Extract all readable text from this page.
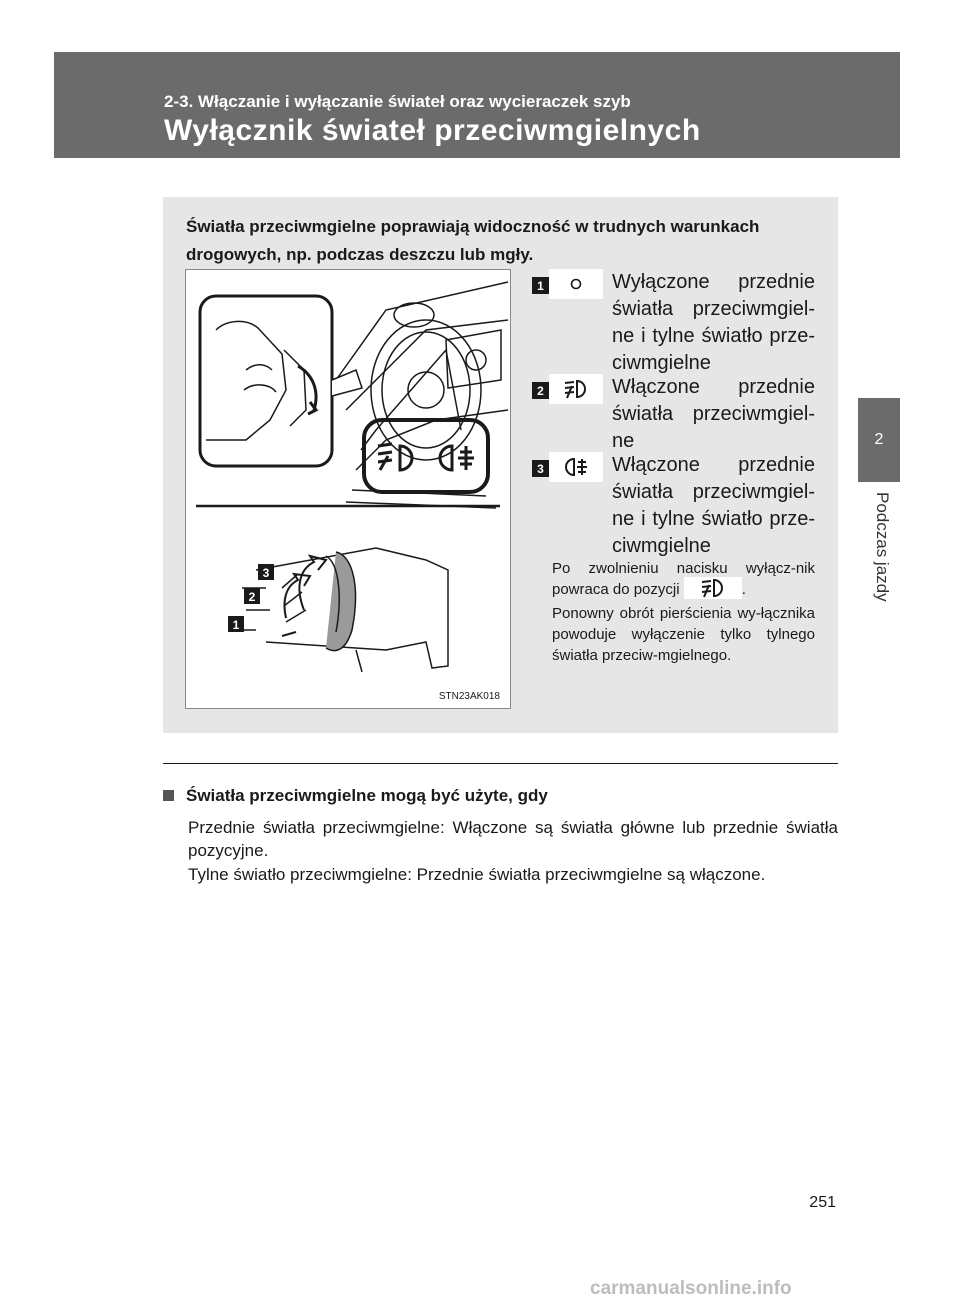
2-3. Włączanie i wyłączanie świateł oraz wycieraczek szyb
Wyłącznik świateł przeciwmgielnych
2
Podczas jazdy
Światła przeciwmgielne poprawiają widoczność w trudnych warunkach drogowych, np. podczas deszczu lub mgły.
3
2
1
STN23AK018
1	Wyłączone przednie światła przeciwmgiel-ne i tylne światło prze-ciwmgielne
2	Włączone przednie światła przeciwmgiel-ne
3	Włączone przednie światła przeciwmgiel-ne i tylne światło prze-ciwmgielne
Po zwolnieniu nacisku wyłącz-nik powraca do pozycji	.
Ponowny obrót pierścienia wy-łącznika powoduje wyłączenie tylko tylnego światła przeciw-mgielnego.
Światła przeciwmgielne mogą być użyte, gdy
Przednie światła przeciwmgielne: Włączone są światła główne lub przednie światła pozycyjne.
Tylne światło przeciwmgielne: Przednie światła przeciwmgielne są włączone.
251
carmanualsonline.info
